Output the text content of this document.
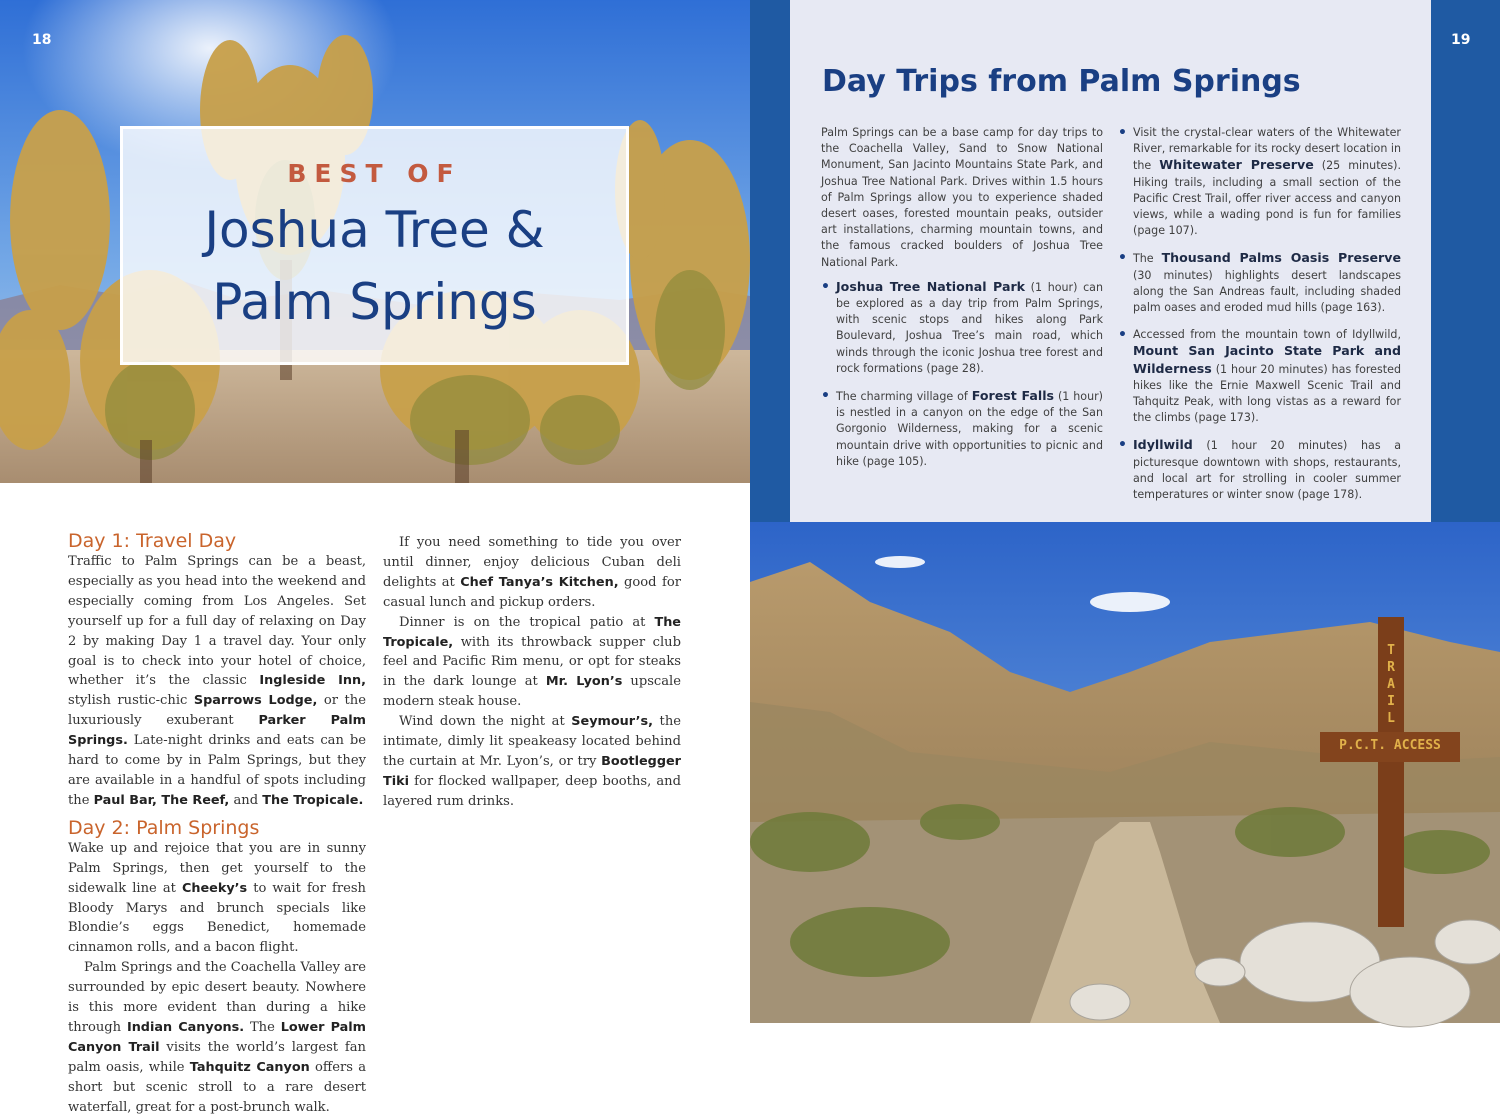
18
BEST OF
Joshua Tree &
Palm Springs
Day 1: Travel Day

Traffic to Palm Springs can be a beast, especially as you head into the weekend and especially coming from Los Angeles. Set yourself up for a full day of relaxing on Day 2 by making Day 1 a travel day. Your only goal is to check into your hotel of choice, whether it’s the classic Ingleside Inn, stylish rustic-chic Sparrows Lodge, or the luxuriously exuberant Parker Palm Springs. Late-night drinks and eats can be hard to come by in Palm Springs, but they are available in a handful of spots including the Paul Bar, The Reef, and The Tropicale.

Day 2: Palm Springs

Wake up and rejoice that you are in sunny Palm Springs, then get yourself to the sidewalk line at Cheeky’s to wait for fresh Bloody Marys and brunch specials like Blondie’s eggs Benedict, homemade cinnamon rolls, and a bacon flight.

Palm Springs and the Coachella Valley are surrounded by epic desert beauty. Nowhere is this more evident than during a hike through Indian Canyons. The Lower Palm Canyon Trail visits the world’s largest fan palm oasis, while Tahquitz Canyon offers a short but scenic stroll to a rare desert waterfall, great for a post-brunch walk.

If you need something to tide you over until dinner, enjoy delicious Cuban deli delights at Chef Tanya’s Kitchen, good for casual lunch and pickup orders.

Dinner is on the tropical patio at The Tropicale, with its throwback supper club feel and Pacific Rim menu, or opt for steaks in the dark lounge at Mr. Lyon’s upscale modern steak house.

Wind down the night at Seymour’s, the intimate, dimly lit speakeasy located behind the curtain at Mr. Lyon’s, or try Bootlegger Tiki for flocked wallpaper, deep booths, and layered rum drinks.

19
Day Trips from Palm Springs

Palm Springs can be a base camp for day trips to the Coachella Valley, Sand to Snow National Monument, San Jacinto Mountains State Park, and Joshua Tree National Park. Drives within 1.5 hours of Palm Springs allow you to experience shaded desert oases, forested mountain peaks, outsider art installations, charming mountain towns, and the famous cracked boulders of Joshua Tree National Park.

• Joshua Tree National Park (1 hour) can be explored as a day trip from Palm Springs, with scenic stops and hikes along Park Boulevard, Joshua Tree’s main road, which winds through the iconic Joshua tree forest and rock formations (page 28).
• The charming village of Forest Falls (1 hour) is nestled in a canyon on the edge of the San Gorgonio Wilderness, making for a scenic mountain drive with opportunities to picnic and hike (page 105).
• Visit the crystal-clear waters of the Whitewater River, remarkable for its rocky desert location in the Whitewater Preserve (25 minutes). Hiking trails, including a small section of the Pacific Crest Trail, offer river access and canyon views, while a wading pond is fun for families (page 107).
• The Thousand Palms Oasis Preserve (30 minutes) highlights desert landscapes along the San Andreas fault, including shaded palm oases and eroded mud hills (page 163).
• Accessed from the mountain town of Idyllwild, Mount San Jacinto State Park and Wilderness (1 hour 20 minutes) has forested hikes like the Ernie Maxwell Scenic Trail and Tahquitz Peak, with long vistas as a reward for the climbs (page 173).
• Idyllwild (1 hour 20 minutes) has a picturesque downtown with shops, restaurants, and local art for strolling in cooler summer temperatures or winter snow (page 178).
TRAIL
P.C.T. ACCESS
